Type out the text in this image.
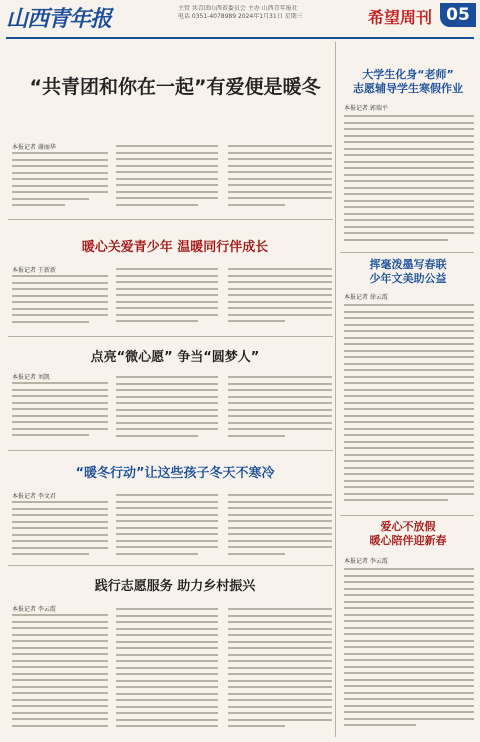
山西青年报	主管 共青团山西省委员会 主办 山西青年报社
电话 0351-4078989 2024年1月31日 星期三	希望周刊 05
“共青团和你在一起”有爱便是暖冬
本报记者 谢丽华
暖心关爱青少年 温暖同行伴成长
本报记者 王新新
点亮“微心愿” 争当“圆梦人”
本报记者 刘凯
“暖冬行动”让这些孩子冬天不寒冷
本报记者 李文君
践行志愿服务 助力乡村振兴
本报记者 李云霞
大学生化身“老师”
志愿辅导学生寒假作业
本报记者 郭瑞平
挥毫泼墨写春联
少年文美助公益
本报记者 徐云霞
爱心不放假
暖心陪伴迎新春
本报记者 李云霞
